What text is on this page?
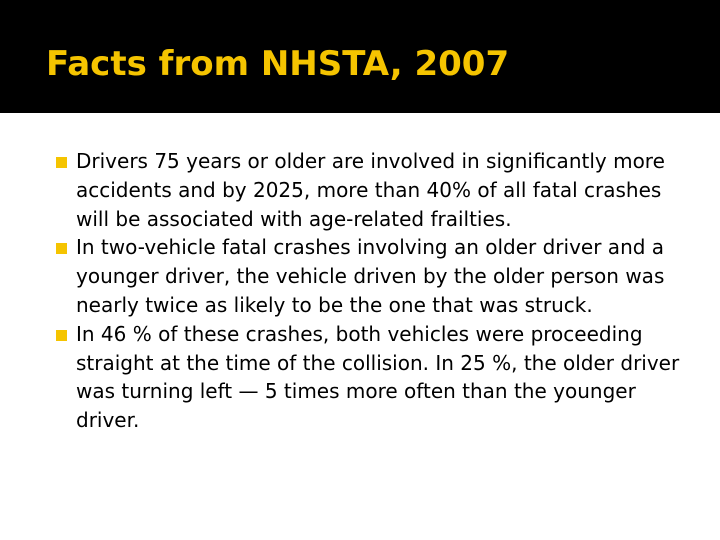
Facts from NHSTA, 2007
Drivers 75 years or older are involved in significantly more accidents and by 2025, more than 40% of all fatal crashes will be associated with age-related frailties.
In two-vehicle fatal crashes involving an older driver and a younger driver, the vehicle driven by the older person was nearly twice as likely to be the one that was struck.
In 46 % of these crashes, both vehicles were proceeding straight at the time of the collision. In 25 %, the older driver was turning left — 5 times more often than the younger driver.
